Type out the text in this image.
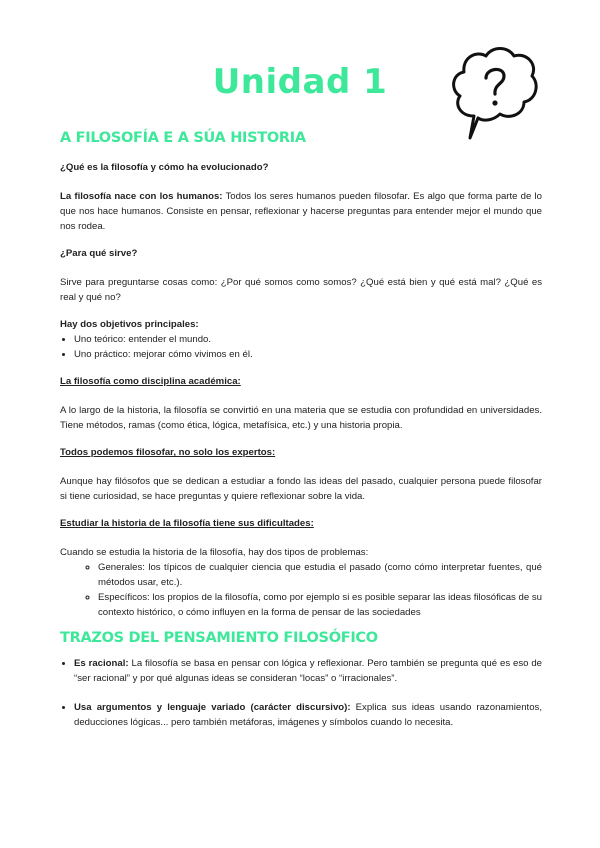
Unidad 1
A FILOSOFÍA E A SÚA HISTORIA

¿Qué es la filosofía y cómo ha evolucionado?

La filosofía nace con los humanos: Todos los seres humanos pueden filosofar. Es algo que forma parte de lo que nos hace humanos. Consiste en pensar, reflexionar y hacerse preguntas para entender mejor el mundo que nos rodea.

¿Para qué sirve?

Sirve para preguntarse cosas como: ¿Por qué somos como somos? ¿Qué está bien y qué está mal? ¿Qué es real y qué no?

Hay dos objetivos principales:

• Uno teórico: entender el mundo.
• Uno práctico: mejorar cómo vivimos en él.

La filosofía como disciplina académica:

A lo largo de la historia, la filosofía se convirtió en una materia que se estudia con profundidad en universidades. Tiene métodos, ramas (como ética, lógica, metafísica, etc.) y una historia propia.

Todos podemos filosofar, no solo los expertos:

Aunque hay filósofos que se dedican a estudiar a fondo las ideas del pasado, cualquier persona puede filosofar si tiene curiosidad, se hace preguntas y quiere reflexionar sobre la vida.

Estudiar la historia de la filosofía tiene sus dificultades:

Cuando se estudia la historia de la filosofía, hay dos tipos de problemas:

◦ Generales: los típicos de cualquier ciencia que estudia el pasado (como cómo interpretar fuentes, qué métodos usar, etc.).
◦ Específicos: los propios de la filosofía, como por ejemplo si es posible separar las ideas filosóficas de su contexto histórico, o cómo influyen en la forma de pensar de las sociedades
TRAZOS DEL PENSAMIENTO FILOSÓFICO
• Es racional: La filosofía se basa en pensar con lógica y reflexionar. Pero también se pregunta qué es eso de “ser racional” y por qué algunas ideas se consideran “locas” o “irracionales”.
• Usa argumentos y lenguaje variado (carácter discursivo): Explica sus ideas usando razonamientos, deducciones lógicas... pero también metáforas, imágenes y símbolos cuando lo necesita.
